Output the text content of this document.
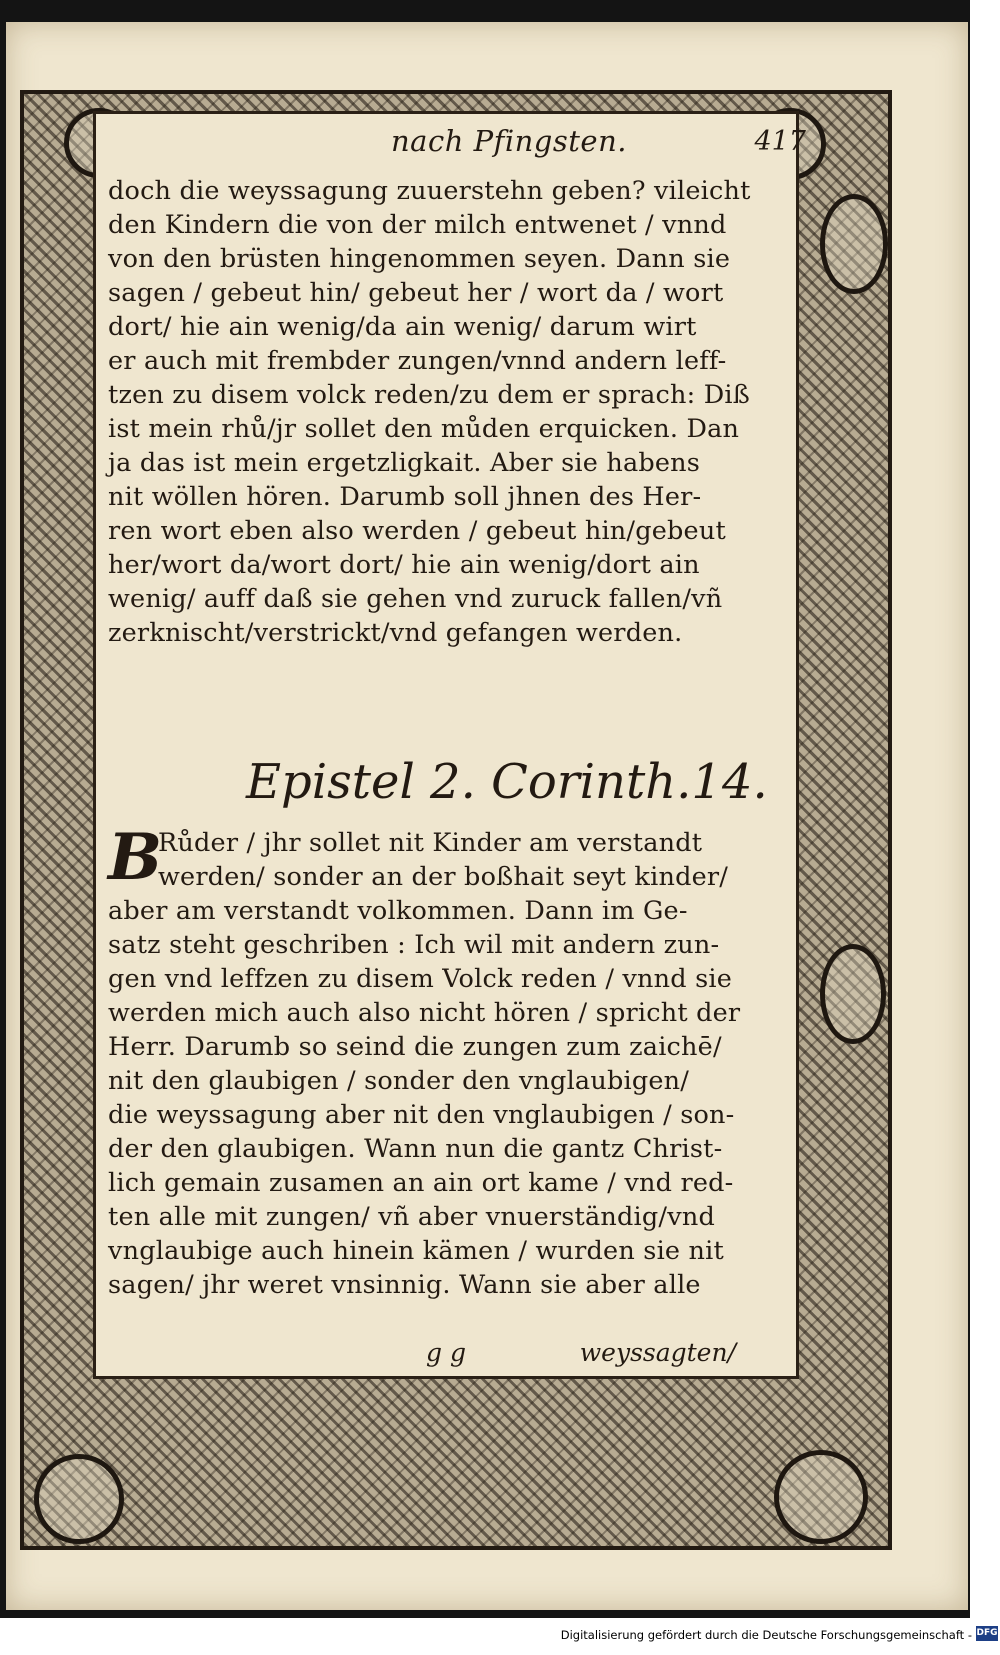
nach Pfingsten.	417
doch die weyssagung zuuerstehn geben? vileicht
den Kindern die von der milch entwenet / vnnd
von den brüsten hingenommen seyen. Dann sie
sagen / gebeut hin/ gebeut her / wort da / wort
dort/ hie ain wenig/da ain wenig/ darum wirt
er auch mit frembder zungen/vnnd andern leff-
tzen zu disem volck reden/zu dem er sprach: Diß
ist mein rhů/jr sollet den můden erquicken. Dan
ja das ist mein ergetzligkait. Aber sie habens
nit wöllen hören. Darumb soll jhnen des Her-
ren wort eben also werden / gebeut hin/gebeut
her/wort da/wort dort/ hie ain wenig/dort ain
wenig/ auff daß sie gehen vnd zuruck fallen/vñ
zerknischt/verstrickt/vnd gefangen werden.
Epistel 2. Corinth.14.
B
Růder / jhr sollet nit Kinder am verstandt
werden/ sonder an der boßhait seyt kinder/
aber am verstandt volkommen. Dann im Ge-
satz steht geschriben : Ich wil mit andern zun-
gen vnd leffzen zu disem Volck reden / vnnd sie
werden mich auch also nicht hören / spricht der
Herr. Darumb so seind die zungen zum zaichē/
nit den glaubigen / sonder den vnglaubigen/
die weyssagung aber nit den vnglaubigen / son-
der den glaubigen. Wann nun die gantz Christ-
lich gemain zusamen an ain ort kame / vnd red-
ten alle mit zungen/ vñ aber vnuerständig/vnd
vnglaubige auch hinein kämen / wurden sie nit
sagen/ jhr weret vnsinnig. Wann sie aber alle
g g	weyssagten/
Digitalisierung gefördert durch die Deutsche Forschungsgemeinschaft - DFG
